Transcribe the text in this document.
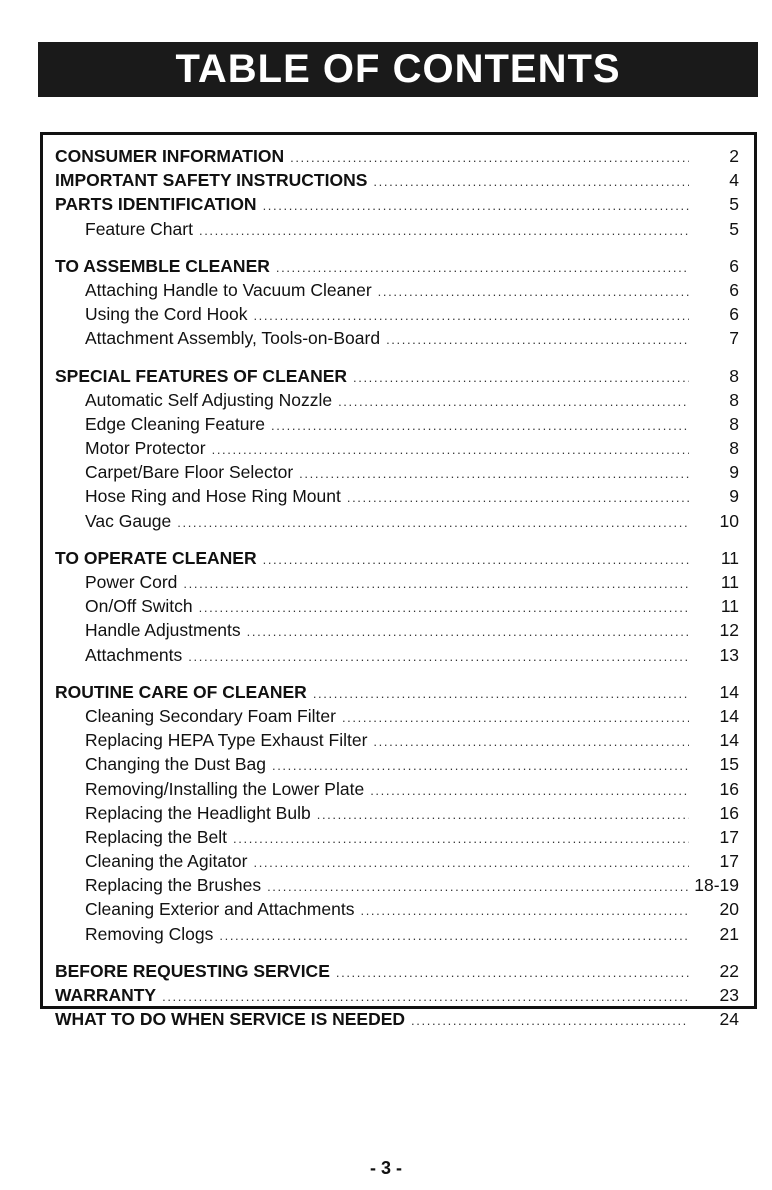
TABLE OF CONTENTS
CONSUMER INFORMATION . . .	2
IMPORTANT SAFETY INSTRUCTIONS . . .	4
PARTS IDENTIFICATION . . .	5
Feature Chart . . .	5
TO ASSEMBLE CLEANER . . .	6
Attaching Handle to Vacuum Cleaner . . .	6
Using the Cord Hook . . .	6
Attachment Assembly, Tools-on-Board . . .	7
SPECIAL FEATURES OF CLEANER . . .	8
Automatic Self Adjusting Nozzle . . .	8
Edge Cleaning Feature . . .	8
Motor Protector . . .	8
Carpet/Bare Floor Selector . . .	9
Hose Ring and Hose Ring Mount . . .	9
Vac Gauge . . .	10
TO OPERATE CLEANER . . .	11
Power Cord . . .	11
On/Off Switch . . .	11
Handle Adjustments . . .	12
Attachments . . .	13
ROUTINE CARE OF CLEANER . . .	14
Cleaning Secondary Foam Filter . . .	14
Replacing HEPA Type Exhaust Filter . . .	14
Changing the Dust Bag . . .	15
Removing/Installing the Lower Plate . . .	16
Replacing the Headlight Bulb . . .	16
Replacing the Belt . . .	17
Cleaning the Agitator . . .	17
Replacing the Brushes . . .	18-19
Cleaning Exterior and Attachments . . .	20
Removing Clogs . . .	21
BEFORE REQUESTING SERVICE . . .	22
WARRANTY . . .	23
WHAT TO DO WHEN SERVICE IS NEEDED . . .	24
- 3 -
